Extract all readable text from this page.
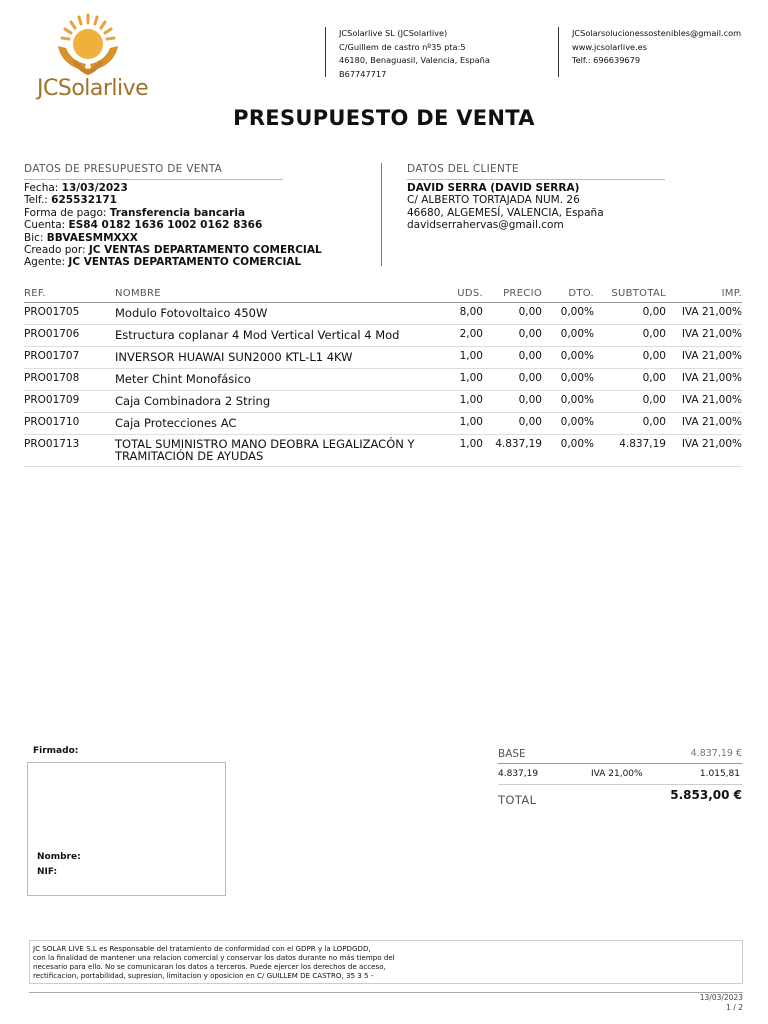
JCSolarlive
JCSolarlive SL (JCSolarlive)
C/Guillem de castro nº35 pta:5
46180, Benaguasil, Valencia, España
B67747717
JCSolarsolucionessostenibles@gmail.com
www.jcsolarlive.es
Telf.: 696639679
PRESUPUESTO DE VENTA
DATOS DE PRESUPUESTO DE VENTA
Fecha: 13/03/2023
Telf.: 625532171
Forma de pago: Transferencia bancaria
Cuenta: ES84 0182 1636 1002 0162 8366
Bic: BBVAESMMXXX
Creado por: JC VENTAS DEPARTAMENTO COMERCIAL
Agente: JC VENTAS DEPARTAMENTO COMERCIAL
DATOS DEL CLIENTE
DAVID SERRA (DAVID SERRA)
C/ ALBERTO TORTAJADA NUM. 26
46680, ALGEMESÍ, VALENCIA, España
davidserrahervas@gmail.com
REF.	NOMBRE	UDS.	PRECIO	DTO.	SUBTOTAL	IMP.
PRO01705	Modulo Fotovoltaico 450W	8,00	0,00	0,00%	0,00	IVA 21,00%
PRO01706	Estructura coplanar 4 Mod Vertical Vertical 4 Mod	2,00	0,00	0,00%	0,00	IVA 21,00%
PRO01707	INVERSOR HUAWAI SUN2000 KTL-L1 4KW	1,00	0,00	0,00%	0,00	IVA 21,00%
PRO01708	Meter Chint Monofásico	1,00	0,00	0,00%	0,00	IVA 21,00%
PRO01709	Caja Combinadora 2 String	1,00	0,00	0,00%	0,00	IVA 21,00%
PRO01710	Caja Protecciones AC	1,00	0,00	0,00%	0,00	IVA 21,00%
PRO01713	TOTAL SUMINISTRO MANO DEOBRA LEGALIZACÓN Y TRAMITACIÓN DE AYUDAS	1,00	4.837,19	0,00%	4.837,19	IVA 21,00%
Firmado:
Nombre:
NIF:
BASE	4.837,19 €
4.837,19	IVA 21,00%	1.015,81
TOTAL	5.853,00 €
JC SOLAR LIVE S.L es Responsable del tratamiento de conformidad con el GDPR y la LOPDGDD,
con la finalidad de mantener una relacion comercial y conservar los datos durante no más tiempo del
necesario para ello. No se comunicaran los datos a terceros. Puede ejercer los derechos de acceso,
rectificacion, portabilidad, supresion, limitacion y oposicion en C/ GUILLEM DE CASTRO, 35 3 5 -
13/03/2023
1 / 2
